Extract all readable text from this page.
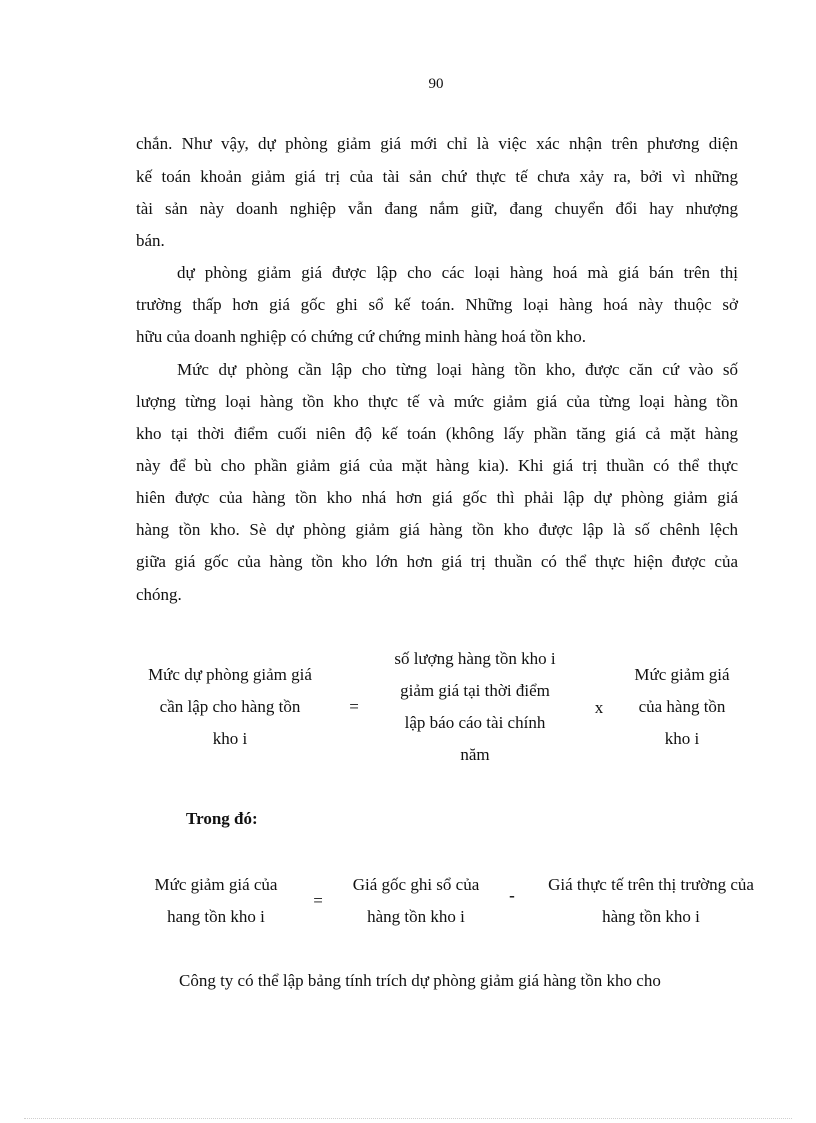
90
chắn. Như vậy, dự phòng giảm giá mới chỉ là việc xác nhận trên phương diện
kế toán khoản giảm giá trị của tài sản chứ thực tế chưa xảy ra, bởi vì những
tài sản này doanh nghiệp vẫn đang nắm giữ, đang chuyển đổi hay nhượng
bán.
dự phòng giảm giá được lập cho các loại hàng hoá mà giá bán trên thị
trường thấp hơn giá gốc ghi sổ kế toán. Những loại hàng hoá này thuộc sở
hữu của doanh nghiệp có chứng cứ chứng minh hàng hoá tồn kho.
Mức dự phòng cần lập cho từng loại hàng tồn kho, được căn cứ vào số
lượng từng loại hàng tồn kho thực tế và mức giảm giá của từng loại hàng tồn
kho tại thời điểm cuối niên độ kế toán (không lấy phần tăng giá cả mặt hàng
này để bù cho phần giảm giá của mặt hàng kia). Khi giá trị thuần có thể thực
hiên được của hàng tồn kho nhá hơn giá gốc thì phải lập dự phòng giảm giá
hàng tồn kho. Sè dự phòng giảm giá hàng tồn kho được lập là số chênh lệch
giữa giá gốc của hàng tồn kho lớn hơn giá trị thuần có thể thực hiện được của
chóng.
Mức dự phòng giảm giá
cần lập cho hàng tồn
kho i
=
số lượng hàng tồn kho i
giảm giá tại thời điểm
lập báo cáo tài chính
năm
x
Mức giảm giá
của hàng tồn
kho i
Trong đó:
Mức giảm giá của
hang tồn kho i
=
Giá gốc ghi sổ của
hàng tồn kho i
-
Giá thực tế trên thị trường của
hàng tồn kho i
Công ty có thể lập bảng tính trích dự phòng giảm giá hàng tồn kho cho
